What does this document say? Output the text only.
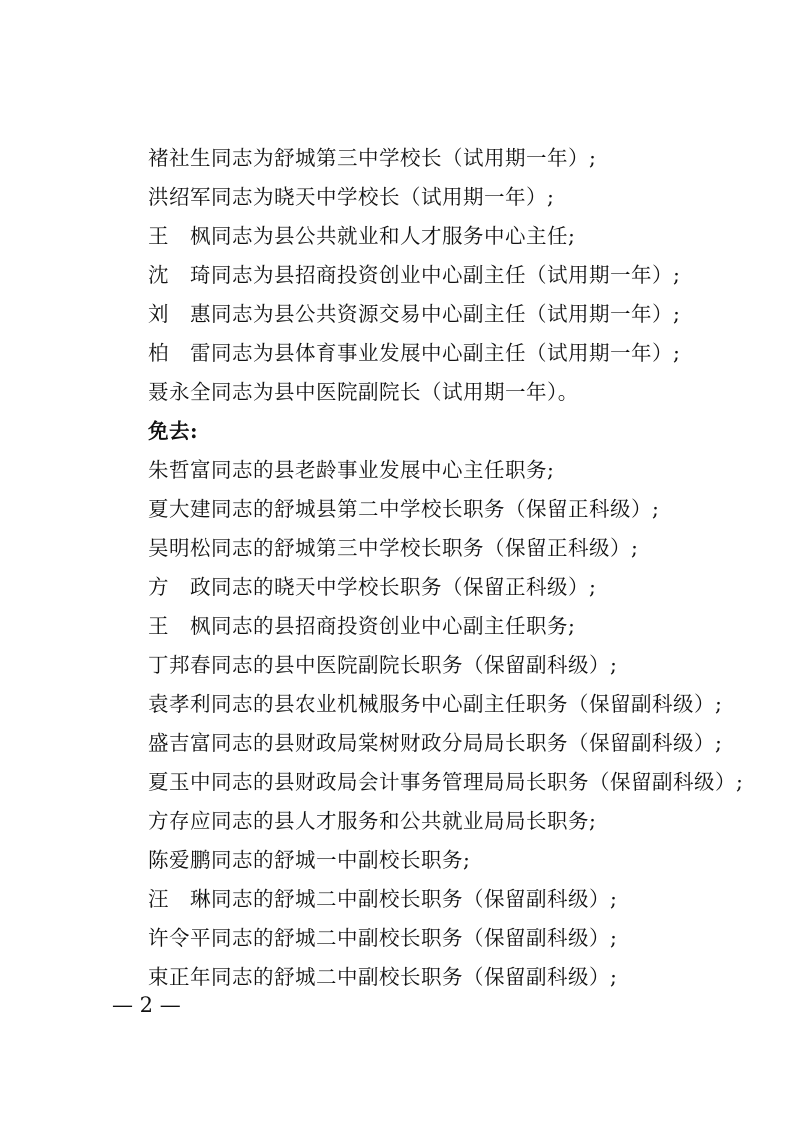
褚社生同志为舒城第三中学校长（试用期一年）;
洪绍军同志为晓天中学校长（试用期一年）;
王　枫同志为县公共就业和人才服务中心主任;
沈　琦同志为县招商投资创业中心副主任（试用期一年）;
刘　惠同志为县公共资源交易中心副主任（试用期一年）;
柏　雷同志为县体育事业发展中心副主任（试用期一年）;
聂永全同志为县中医院副院长（试用期一年）。
免去:
朱哲富同志的县老龄事业发展中心主任职务;
夏大建同志的舒城县第二中学校长职务（保留正科级）;
吴明松同志的舒城第三中学校长职务（保留正科级）;
方　政同志的晓天中学校长职务（保留正科级）;
王　枫同志的县招商投资创业中心副主任职务;
丁邦春同志的县中医院副院长职务（保留副科级）;
袁孝利同志的县农业机械服务中心副主任职务（保留副科级）;
盛吉富同志的县财政局棠树财政分局局长职务（保留副科级）;
夏玉中同志的县财政局会计事务管理局局长职务（保留副科级）;
方存应同志的县人才服务和公共就业局局长职务;
陈爱鹏同志的舒城一中副校长职务;
汪　琳同志的舒城二中副校长职务（保留副科级）;
许令平同志的舒城二中副校长职务（保留副科级）;
束正年同志的舒城二中副校长职务（保留副科级）;
— 2 —
